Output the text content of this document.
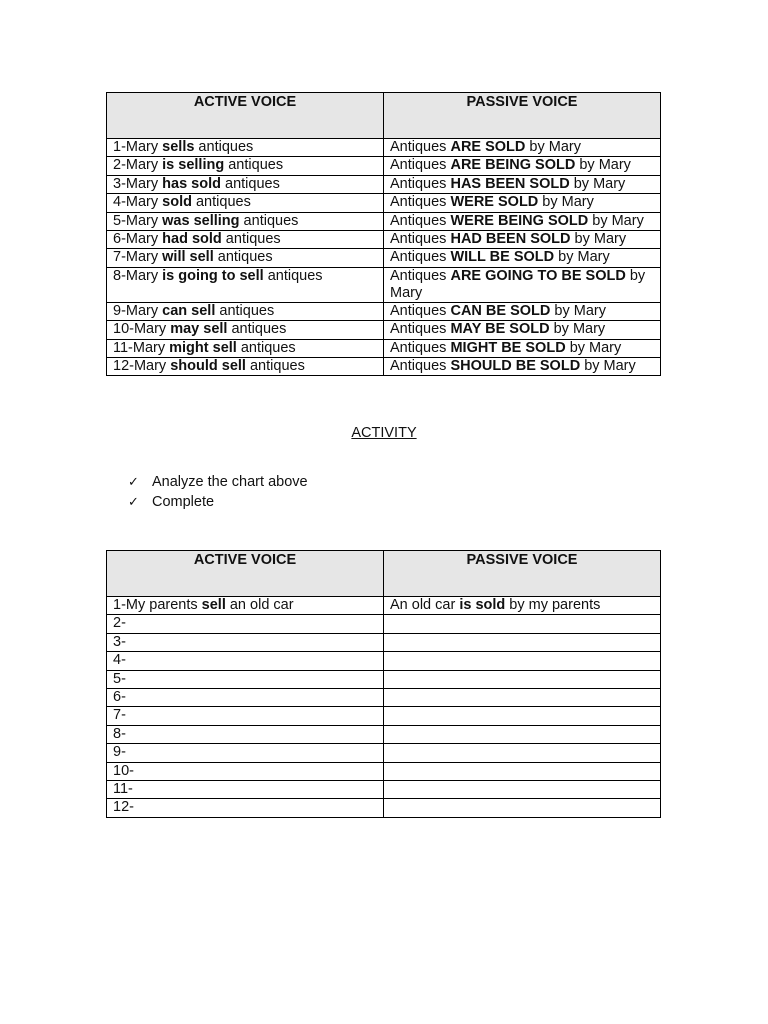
ACTIVE VOICE	PASSIVE VOICE
1-Mary sells antiques	Antiques ARE SOLD by Mary
2-Mary is selling antiques	Antiques ARE BEING SOLD by Mary
3-Mary has sold antiques	Antiques HAS BEEN SOLD by Mary
4-Mary sold antiques	Antiques WERE SOLD by Mary
5-Mary was selling antiques	Antiques WERE BEING SOLD by Mary
6-Mary had sold antiques	Antiques HAD BEEN SOLD by Mary
7-Mary will sell antiques	Antiques WILL BE SOLD by Mary
8-Mary is going to sell antiques	Antiques ARE GOING TO BE SOLD by Mary
9-Mary can sell antiques	Antiques CAN BE SOLD by Mary
10-Mary may sell antiques	Antiques MAY BE SOLD by Mary
11-Mary might sell antiques	Antiques MIGHT BE SOLD by Mary
12-Mary should sell antiques	Antiques SHOULD BE SOLD by Mary
ACTIVITY
✓ Analyze the chart above
✓ Complete
ACTIVE VOICE	PASSIVE VOICE
1-My parents sell an old car	An old car is sold by my parents
2-	
3-	
4-	
5-	
6-	
7-	
8-	
9-	
10-	
11-	
12-	
